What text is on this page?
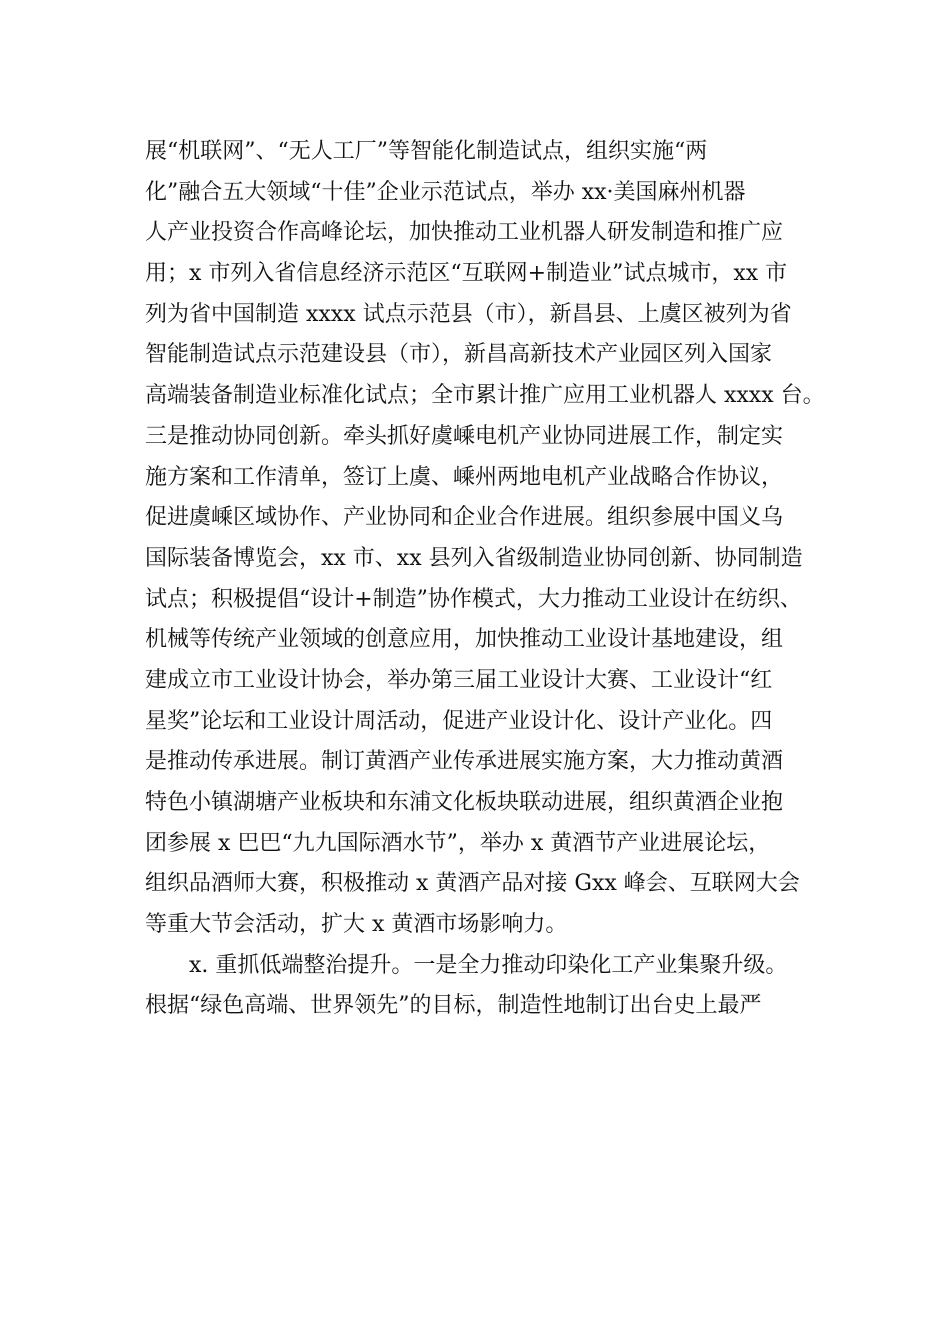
展“机联网”、“无人工厂”等智能化制造试点，组织实施“两
化”融合五大领域“十佳”企业示范试点，举办 xx·美国麻州机器
人产业投资合作高峰论坛，加快推动工业机器人研发制造和推广应
用；x 市列入省信息经济示范区“互联网+制造业”试点城市，xx 市
列为省中国制造 xxxx 试点示范县（市），新昌县、上虞区被列为省
智能制造试点示范建设县（市），新昌高新技术产业园区列入国家
高端装备制造业标准化试点；全市累计推广应用工业机器人 xxxx 台。
三是推动协同创新。牵头抓好虞嵊电机产业协同进展工作，制定实
施方案和工作清单，签订上虞、嵊州两地电机产业战略合作协议，
促进虞嵊区域协作、产业协同和企业合作进展。组织参展中国义乌
国际装备博览会，xx 市、xx 县列入省级制造业协同创新、协同制造
试点；积极提倡“设计+制造”协作模式，大力推动工业设计在纺织、
机械等传统产业领域的创意应用，加快推动工业设计基地建设，组
建成立市工业设计协会，举办第三届工业设计大赛、工业设计“红
星奖”论坛和工业设计周活动，促进产业设计化、设计产业化。四
是推动传承进展。制订黄酒产业传承进展实施方案，大力推动黄酒
特色小镇湖塘产业板块和东浦文化板块联动进展，组织黄酒企业抱
团参展 x 巴巴“九九国际酒水节”，举办 x 黄酒节产业进展论坛，
组织品酒师大赛，积极推动 x 黄酒产品对接 Gxx 峰会、互联网大会
等重大节会活动，扩大 x 黄酒市场影响力。
x. 重抓低端整治提升。一是全力推动印染化工产业集聚升级。
根据“绿色高端、世界领先”的目标，制造性地制订出台史上最严
